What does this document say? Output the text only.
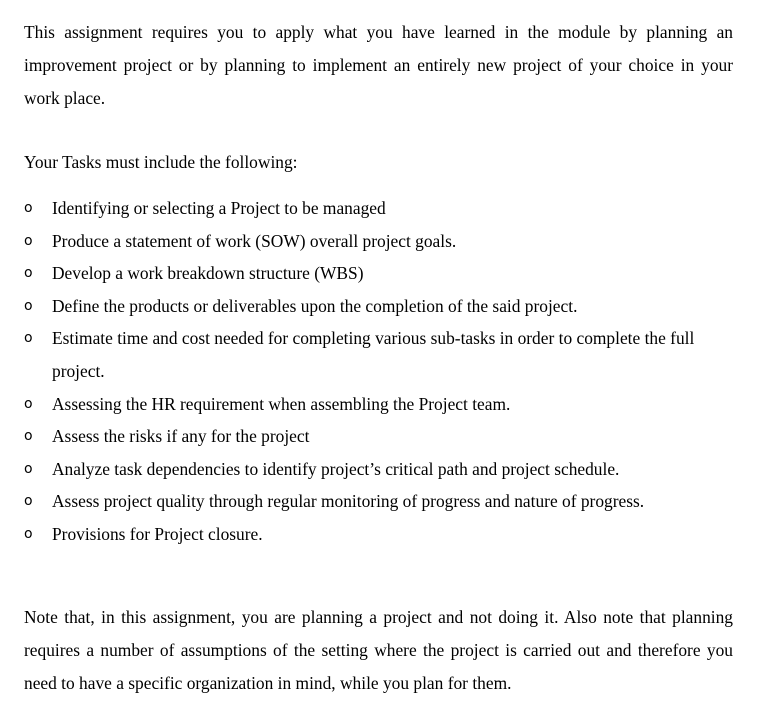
This assignment requires you to apply what you have learned in the module by planning an improvement project or by planning to implement an entirely new project of your choice in your work place.

Your Tasks must include the following:

o Identifying or selecting a Project to be managed
o Produce a statement of work (SOW) overall project goals.
o Develop a work breakdown structure (WBS)
o Define the products or deliverables upon the completion of the said project.
o Estimate time and cost needed for completing various sub-tasks in order to complete the full project.
o Assessing the HR requirement when assembling the Project team.
o Assess the risks if any for the project
o Analyze task dependencies to identify project’s critical path and project schedule.
o Assess project quality through regular monitoring of progress and nature of progress.
o Provisions for Project closure.

Note that, in this assignment, you are planning a project and not doing it. Also note that planning requires a number of assumptions of the setting where the project is carried out and therefore you need to have a specific organization in mind, while you plan for them.
